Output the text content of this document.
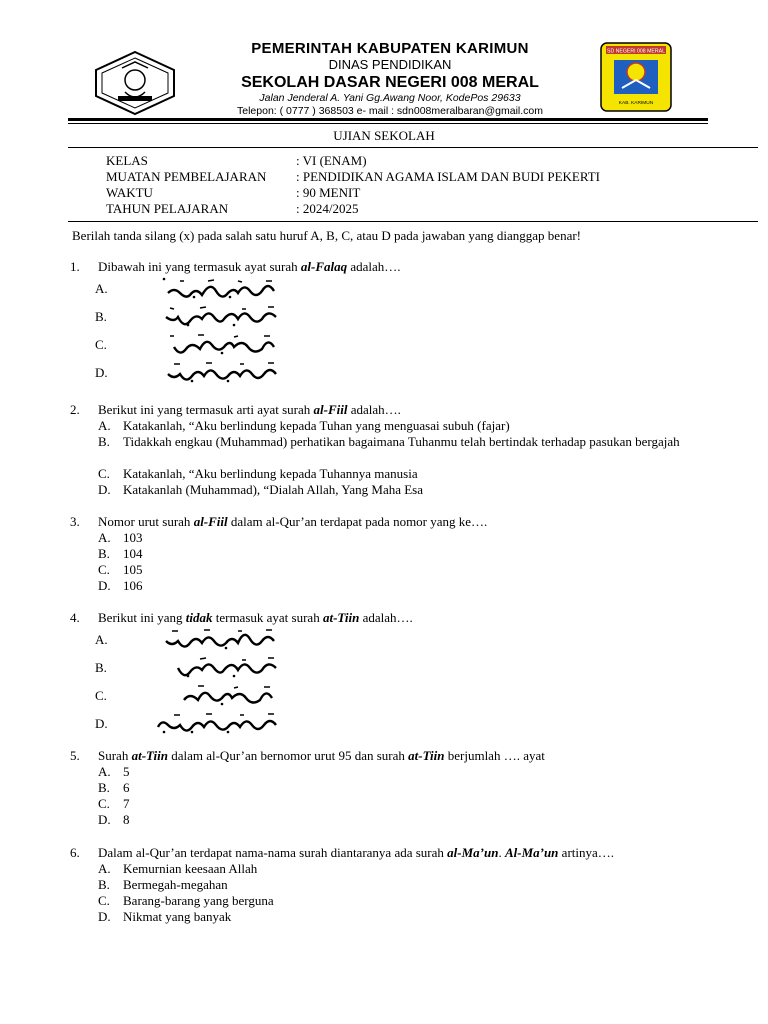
PEMERINTAH KABUPATEN KARIMUN
DINAS PENDIDIKAN
SEKOLAH DASAR NEGERI 008 MERAL
Jalan Jenderal A. Yani Gg.Awang Noor, KodePos 29633
Telepon: ( 0777 ) 368503 e- mail : sdn008meralbaran@gmail.com
SD NEGERI 008 MERAL
KAB. KARIMUN
UJIAN SEKOLAH
KELAS	: VI (ENAM)
MUATAN PEMBELAJARAN	: PENDIDIKAN AGAMA ISLAM DAN BUDI PEKERTI
WAKTU	: 90 MENIT
TAHUN PELAJARAN	: 2024/2025
Berilah tanda silang (x) pada salah satu huruf A, B, C, atau D pada jawaban yang dianggap benar!
1. Dibawah ini yang termasuk ayat surah al-Falaq adalah….
A.
B.
C.
D.
2. Berikut ini yang termasuk arti ayat surah al-Fiil adalah….
A. Katakanlah, “Aku berlindung kepada Tuhan yang menguasai subuh (fajar)
B. Tidakkah engkau (Muhammad) perhatikan bagaimana Tuhanmu telah bertindak terhadap pasukan bergajah
C. Katakanlah, “Aku berlindung kepada Tuhannya manusia
D. Katakanlah (Muhammad), “Dialah Allah, Yang Maha Esa
3. Nomor urut surah al-Fiil dalam al-Qur’an terdapat pada nomor yang ke….
A. 103
B. 104
C. 105
D. 106
4. Berikut ini yang tidak termasuk ayat surah at-Tiin adalah….
A.
B.
C.
D.
5. Surah at-Tiin dalam al-Qur’an bernomor urut 95 dan surah at-Tiin berjumlah …. ayat
A. 5
B. 6
C. 7
D. 8
6. Dalam al-Qur’an terdapat nama-nama surah diantaranya ada surah al-Ma’un. Al-Ma’un artinya….
A. Kemurnian keesaan Allah
B. Bermegah-megahan
C. Barang-barang yang berguna
D. Nikmat yang banyak
